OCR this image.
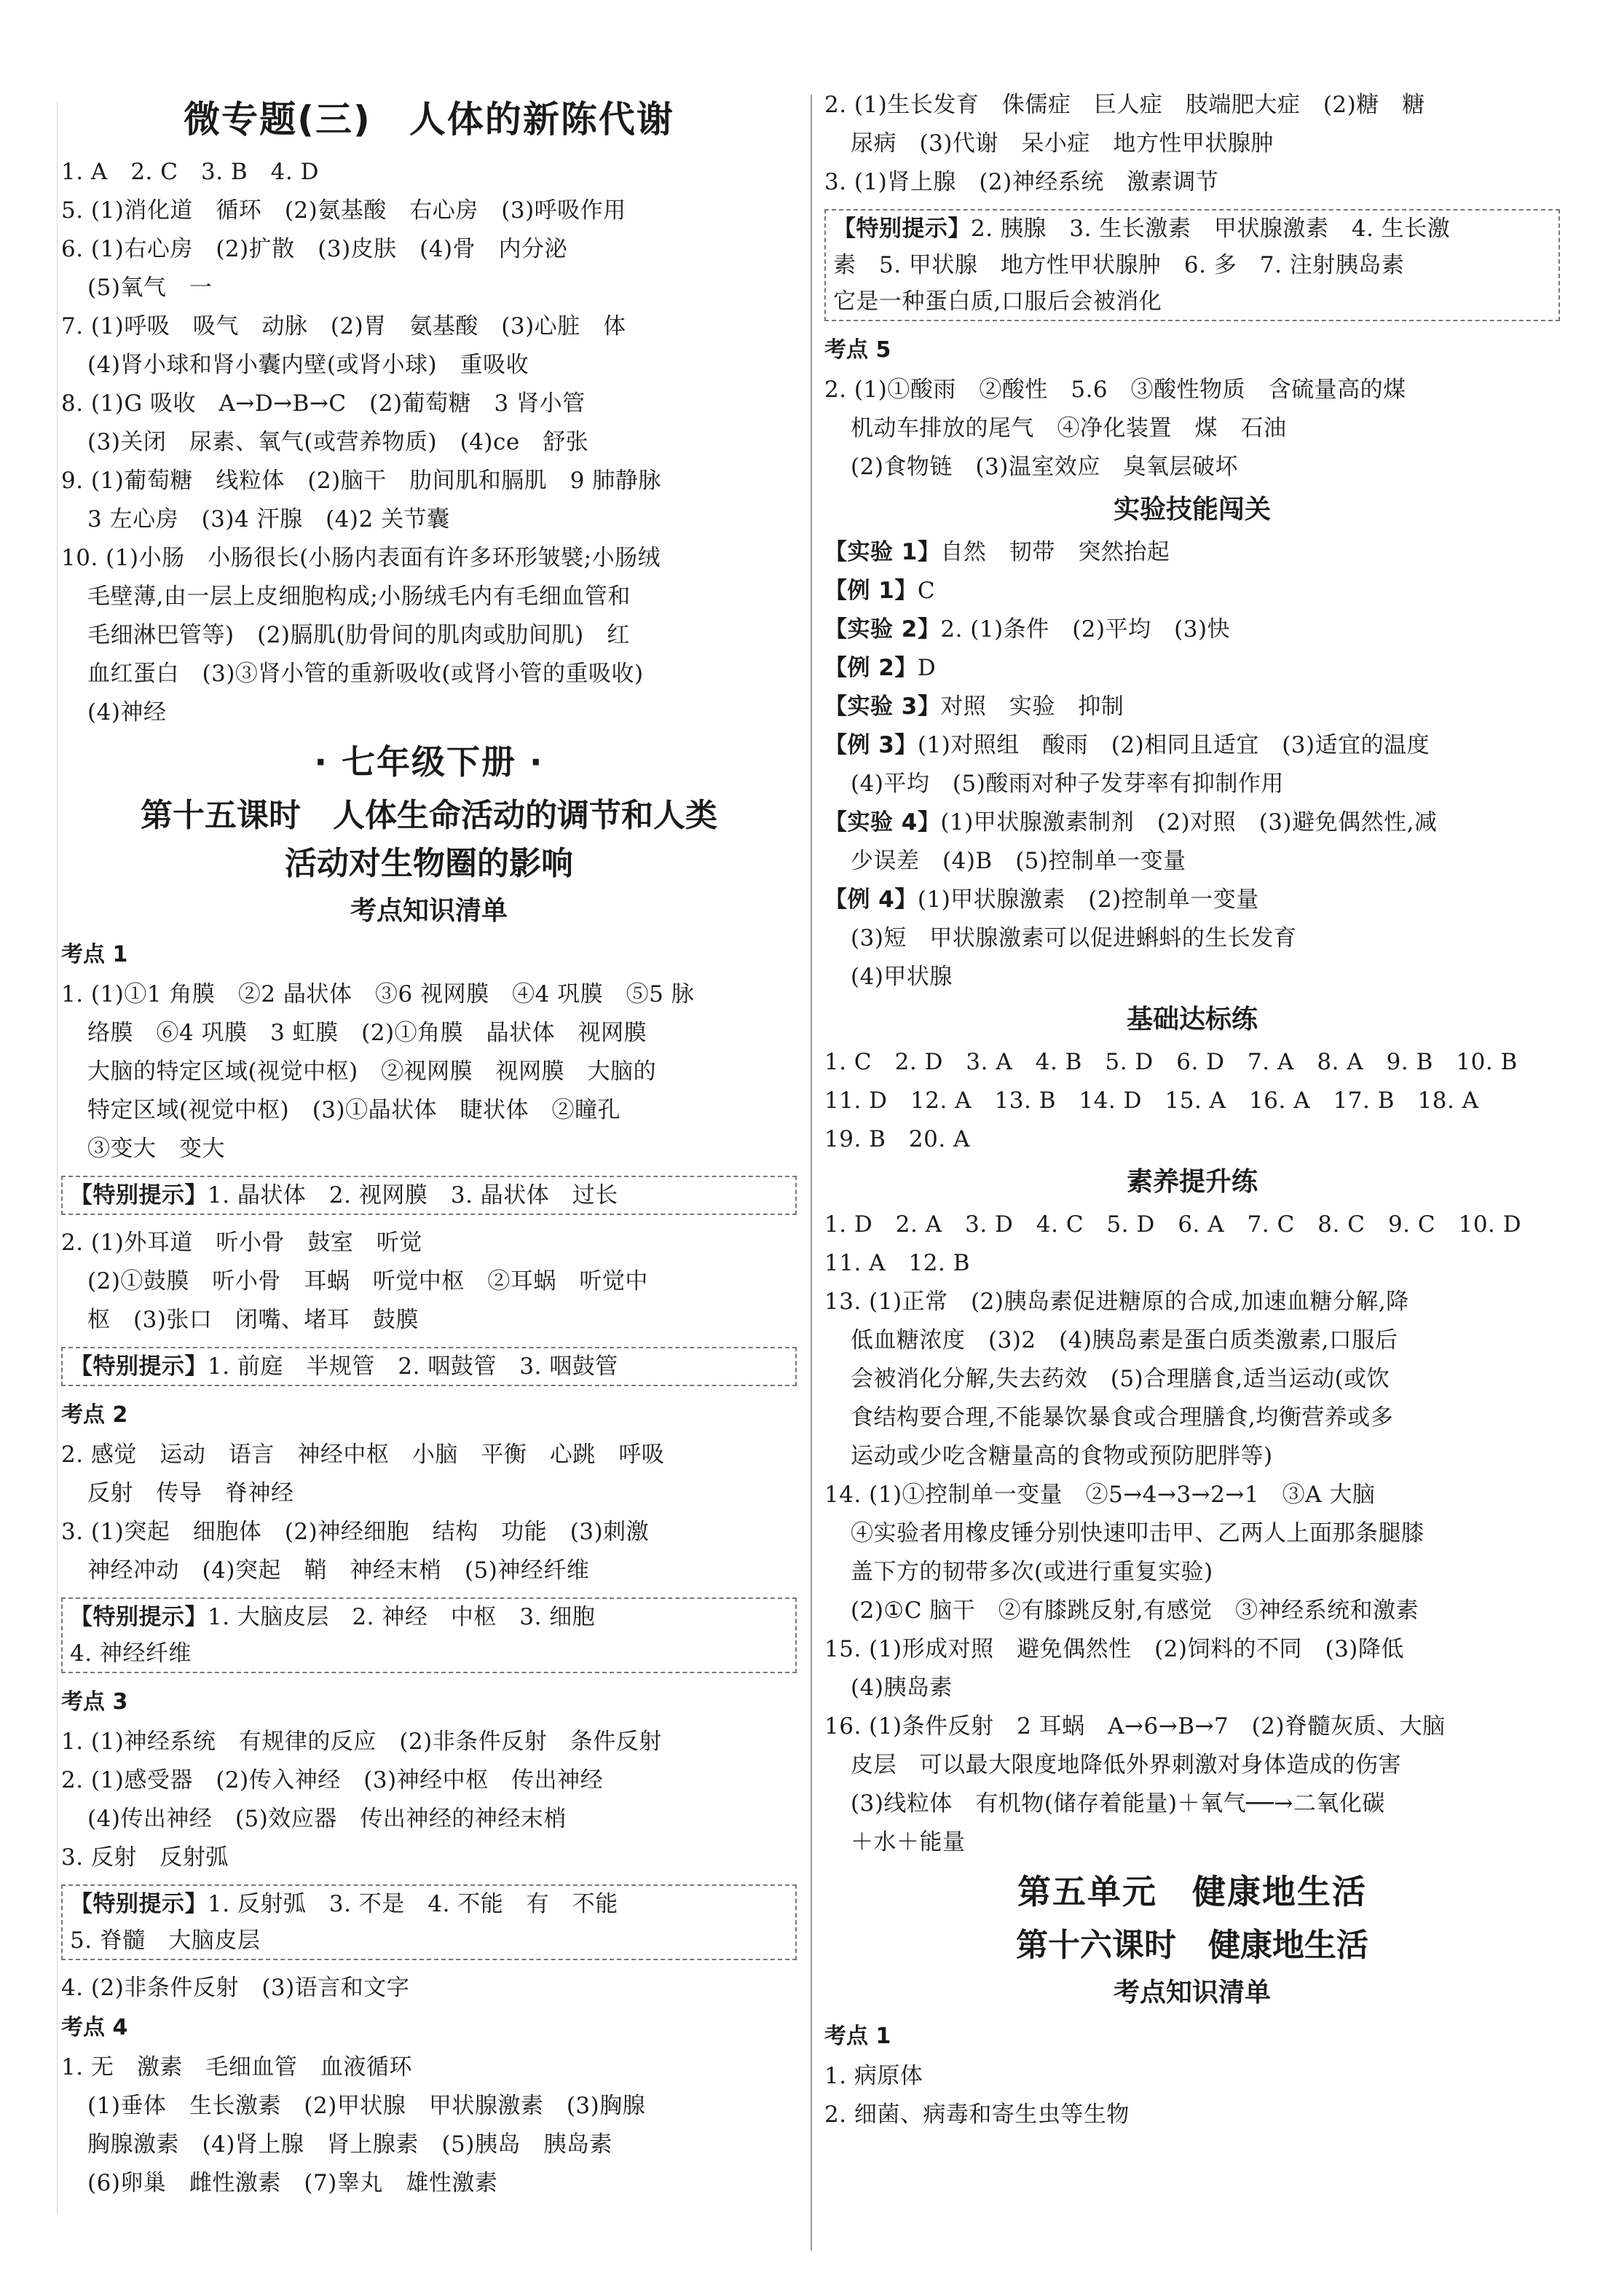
微专题(三)　人体的新陈代谢
1. A　2. C　3. B　4. D
5. (1)消化道　循环　(2)氨基酸　右心房　(3)呼吸作用
6. (1)右心房　(2)扩散　(3)皮肤　(4)骨　内分泌
(5)氧气　一
7. (1)呼吸　吸气　动脉　(2)胃　氨基酸　(3)心脏　体
(4)肾小球和肾小囊内壁(或肾小球)　重吸收
8. (1)G 吸收　A→D→B→C　(2)葡萄糖　3 肾小管
(3)关闭　尿素、氧气(或营养物质)　(4)ce　舒张
9. (1)葡萄糖　线粒体　(2)脑干　肋间肌和膈肌　9 肺静脉
3 左心房　(3)4 汗腺　(4)2 关节囊
10. (1)小肠　小肠很长(小肠内表面有许多环形皱襞;小肠绒
毛壁薄,由一层上皮细胞构成;小肠绒毛内有毛细血管和
毛细淋巴管等)　(2)膈肌(肋骨间的肌肉或肋间肌)　红
血红蛋白　(3)③肾小管的重新吸收(或肾小管的重吸收)
(4)神经
· 七年级下册 ·
第十五课时　人体生命活动的调节和人类
活动对生物圈的影响
考点知识清单
考点 1
1. (1)①1 角膜　②2 晶状体　③6 视网膜　④4 巩膜　⑤5 脉
络膜　⑥4 巩膜　3 虹膜　(2)①角膜　晶状体　视网膜
大脑的特定区域(视觉中枢)　②视网膜　视网膜　大脑的
特定区域(视觉中枢)　(3)①晶状体　睫状体　②瞳孔
③变大　变大
【特别提示】1. 晶状体　2. 视网膜　3. 晶状体　过长
2. (1)外耳道　听小骨　鼓室　听觉
(2)①鼓膜　听小骨　耳蜗　听觉中枢　②耳蜗　听觉中
枢　(3)张口　闭嘴、堵耳　鼓膜
【特别提示】1. 前庭　半规管　2. 咽鼓管　3. 咽鼓管
考点 2
2. 感觉　运动　语言　神经中枢　小脑　平衡　心跳　呼吸
反射　传导　脊神经
3. (1)突起　细胞体　(2)神经细胞　结构　功能　(3)刺激
神经冲动　(4)突起　鞘　神经末梢　(5)神经纤维
【特别提示】1. 大脑皮层　2. 神经　中枢　3. 细胞
4. 神经纤维
考点 3
1. (1)神经系统　有规律的反应　(2)非条件反射　条件反射
2. (1)感受器　(2)传入神经　(3)神经中枢　传出神经
(4)传出神经　(5)效应器　传出神经的神经末梢
3. 反射　反射弧
【特别提示】1. 反射弧　3. 不是　4. 不能　有　不能
5. 脊髓　大脑皮层
4. (2)非条件反射　(3)语言和文字
考点 4
1. 无　激素　毛细血管　血液循环
(1)垂体　生长激素　(2)甲状腺　甲状腺激素　(3)胸腺
胸腺激素　(4)肾上腺　肾上腺素　(5)胰岛　胰岛素
(6)卵巢　雌性激素　(7)睾丸　雄性激素
2. (1)生长发育　侏儒症　巨人症　肢端肥大症　(2)糖　糖
尿病　(3)代谢　呆小症　地方性甲状腺肿
3. (1)肾上腺　(2)神经系统　激素调节
【特别提示】2. 胰腺　3. 生长激素　甲状腺激素　4. 生长激
素　5. 甲状腺　地方性甲状腺肿　6. 多　7. 注射胰岛素
它是一种蛋白质,口服后会被消化
考点 5
2. (1)①酸雨　②酸性　5.6　③酸性物质　含硫量高的煤
机动车排放的尾气　④净化装置　煤　石油
(2)食物链　(3)温室效应　臭氧层破坏
实验技能闯关
【实验 1】自然　韧带　突然抬起
【例 1】C
【实验 2】2. (1)条件　(2)平均　(3)快
【例 2】D
【实验 3】对照　实验　抑制
【例 3】(1)对照组　酸雨　(2)相同且适宜　(3)适宜的温度
(4)平均　(5)酸雨对种子发芽率有抑制作用
【实验 4】(1)甲状腺激素制剂　(2)对照　(3)避免偶然性,减
少误差　(4)B　(5)控制单一变量
【例 4】(1)甲状腺激素　(2)控制单一变量
(3)短　甲状腺激素可以促进蝌蚪的生长发育
(4)甲状腺
基础达标练
1. C　2. D　3. A　4. B　5. D　6. D　7. A　8. A　9. B　10. B
11. D　12. A　13. B　14. D　15. A　16. A　17. B　18. A
19. B　20. A
素养提升练
1. D　2. A　3. D　4. C　5. D　6. A　7. C　8. C　9. C　10. D
11. A　12. B
13. (1)正常　(2)胰岛素促进糖原的合成,加速血糖分解,降
低血糖浓度　(3)2　(4)胰岛素是蛋白质类激素,口服后
会被消化分解,失去药效　(5)合理膳食,适当运动(或饮
食结构要合理,不能暴饮暴食或合理膳食,均衡营养或多
运动或少吃含糖量高的食物或预防肥胖等)
14. (1)①控制单一变量　②5→4→3→2→1　③A 大脑
④实验者用橡皮锤分别快速叩击甲、乙两人上面那条腿膝
盖下方的韧带多次(或进行重复实验)
(2)①C 脑干　②有膝跳反射,有感觉　③神经系统和激素
15. (1)形成对照　避免偶然性　(2)饲料的不同　(3)降低
(4)胰岛素
16. (1)条件反射　2 耳蜗　A→6→B→7　(2)脊髓灰质、大脑
皮层　可以最大限度地降低外界刺激对身体造成的伤害
(3)线粒体　有机物(储存着能量)＋氧气──→二氧化碳
＋水＋能量
第五单元　健康地生活
第十六课时　健康地生活
考点知识清单
考点 1
1. 病原体
2. 细菌、病毒和寄生虫等生物
